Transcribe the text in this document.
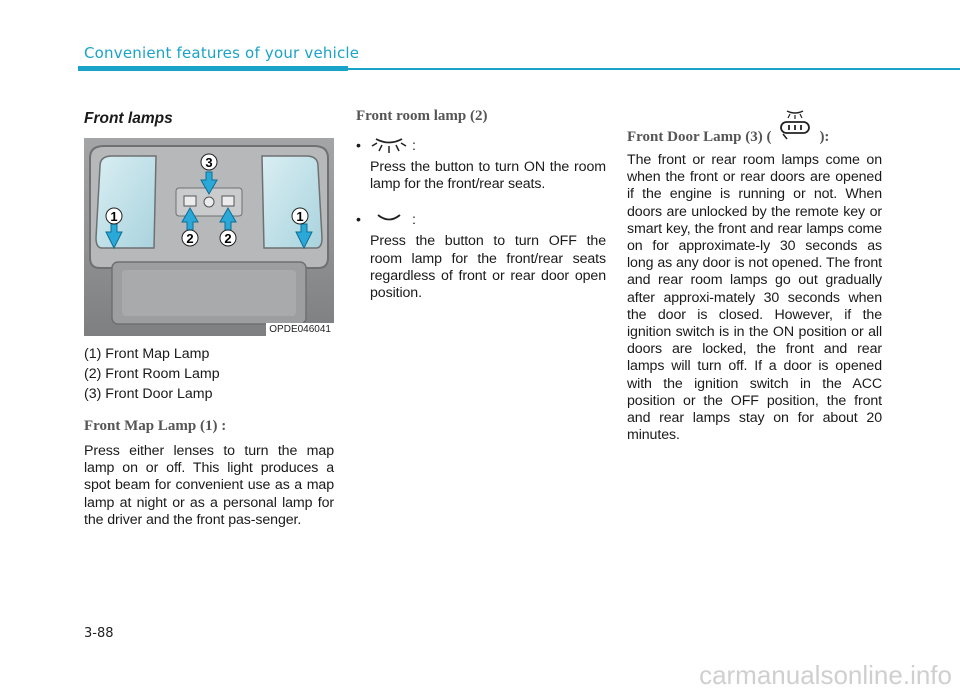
Convenient features of your vehicle
Front lamps
1	1
2 2
3
OPDE046041

(1) Front Map Lamp

(2) Front Room Lamp

(3) Front Door Lamp

Front Map Lamp (1) :

Press either lenses to turn the map lamp on or off. This light produces a spot beam for convenient use as a map lamp at night or as a personal lamp for the driver and the front pas-senger.

Front room lamp (2)
•	:

Press the button to turn ON the room lamp for the front/rear seats.

•	:

Press the button to turn OFF the room lamp for the front/rear seats regardless of front or rear door open position.

Front Door Lamp (3) (	):

The front or rear room lamps come on when the front or rear doors are opened if the engine is running or not. When doors are unlocked by the remote key or smart key, the front and rear lamps come on for approximate-ly 30 seconds as long as any door is not opened. The front and rear room lamps go out gradually after approxi-mately 30 seconds when the door is closed. However, if the ignition switch is in the ON position or all doors are locked, the front and rear lamps will turn off. If a door is opened with the ignition switch in the ACC position or the OFF position, the front and rear lamps stay on for about 20 minutes.

3-88
carmanualsonline.info
